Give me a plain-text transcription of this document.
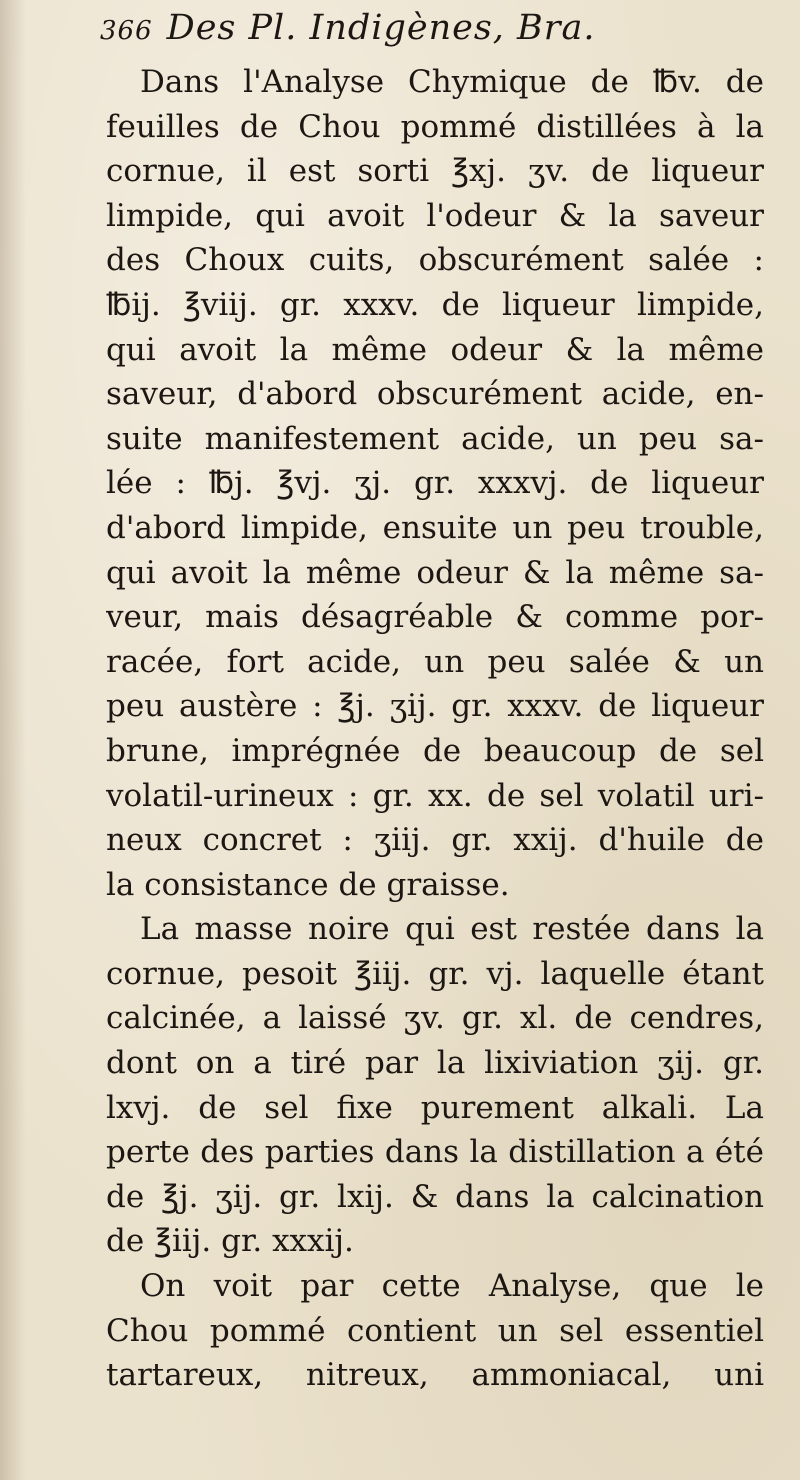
366 Des Pl. Indigènes, Bra.
Dans l'Analyse Chymique de ℔v. de
feuilles de Chou pommé distillées à la
cornue, il est sorti ℥xj. ʒv. de liqueur
limpide, qui avoit l'odeur & la saveur
des Choux cuits, obscurément salée :
℔ij. ℥viij. gr. xxxv. de liqueur limpide,
qui avoit la même odeur & la même
saveur, d'abord obscurément acide, en-
suite manifestement acide, un peu sa-
lée : ℔j. ℥vj. ʒj. gr. xxxvj. de liqueur
d'abord limpide, ensuite un peu trouble,
qui avoit la même odeur & la même sa-
veur, mais désagréable & comme por-
racée, fort acide, un peu salée & un
peu austère : ℥j. ʒij. gr. xxxv. de liqueur
brune, imprégnée de beaucoup de sel
volatil-urineux : gr. xx. de sel volatil uri-
neux concret : ʒiij. gr. xxij. d'huile de
la consistance de graisse.
La masse noire qui est restée dans la
cornue, pesoit ℥iij. gr. vj. laquelle étant
calcinée, a laissé ʒv. gr. xl. de cendres,
dont on a tiré par la lixiviation ʒij. gr.
lxvj. de sel fixe purement alkali. La
perte des parties dans la distillation a été
de ℥j. ʒij. gr. lxij. & dans la calcination
de ℥iij. gr. xxxij.
On voit par cette Analyse, que le
Chou pommé contient un sel essentiel
tartareux, nitreux, ammoniacal, uni
